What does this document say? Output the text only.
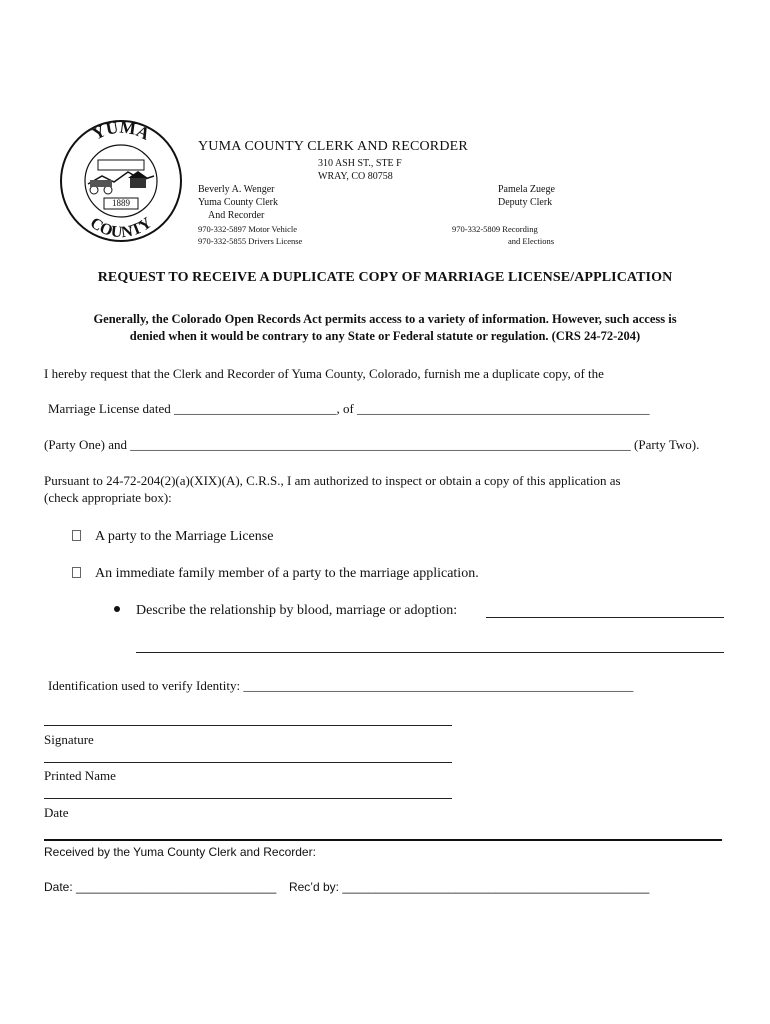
YUMA
COUNTY
1889
YUMA COUNTY CLERK AND RECORDER
310 ASH ST., STE F
WRAY, CO 80758
Beverly A. Wenger
Yuma County Clerk
And Recorder
970-332-5897 Motor Vehicle
970-332-5855 Drivers License
Pamela Zuege
Deputy Clerk
970-332-5809 Recording
and Elections
REQUEST TO RECEIVE A DUPLICATE COPY OF MARRIAGE LICENSE/APPLICATION
Generally, the Colorado Open Records Act permits access to a variety of information. However, such access is
denied when it would be contrary to any State or Federal statute or regulation. (CRS 24-72-204)
I hereby request that the Clerk and Recorder of Yuma County, Colorado, furnish me a duplicate copy, of the
Marriage License dated _________________________, of _____________________________________________
(Party One) and _____________________________________________________________________________ (Party Two).
Pursuant to 24-72-204(2)(a)(XIX)(A), C.R.S., I am authorized to inspect or obtain a copy of this application as
(check appropriate box):
A party to the Marriage License
An immediate family member of a party to the marriage application.
Describe the relationship by blood, marriage or adoption:
Identification used to verify Identity: ____________________________________________________________
Signature
Printed Name
Date
Received by the Yuma County Clerk and Recorder:
Date: ______________________________ Rec’d by: ______________________________________________
